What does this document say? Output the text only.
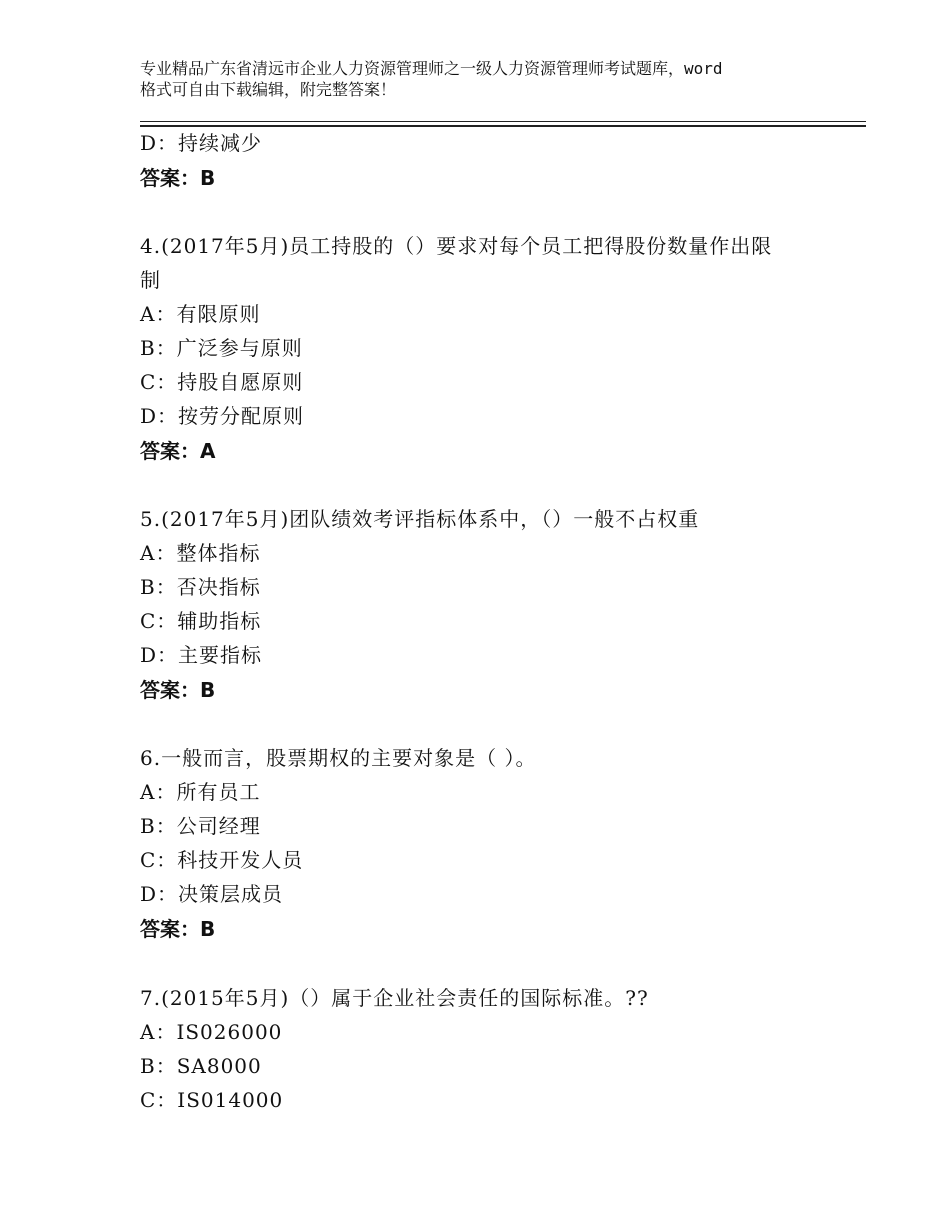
专业精品广东省清远市企业人力资源管理师之一级人力资源管理师考试题库，word
格式可自由下载编辑，附完整答案！
D：持续减少
答案：B
4.(2017年5月)员工持股的（）要求对每个员工把得股份数量作出限
制
A：有限原则
B：广泛参与原则
C：持股自愿原则
D：按劳分配原则
答案：A
5.(2017年5月)团队绩效考评指标体系中，（）一般不占权重
A：整体指标
B：否决指标
C：辅助指标
D：主要指标
答案：B
6.一般而言，股票期权的主要对象是（ ）。
A：所有员工
B：公司经理
C：科技开发人员
D：决策层成员
答案：B
7.(2015年5月)（）属于企业社会责任的国际标准。??
A：IS026000
B：SA8000
C：IS014000
